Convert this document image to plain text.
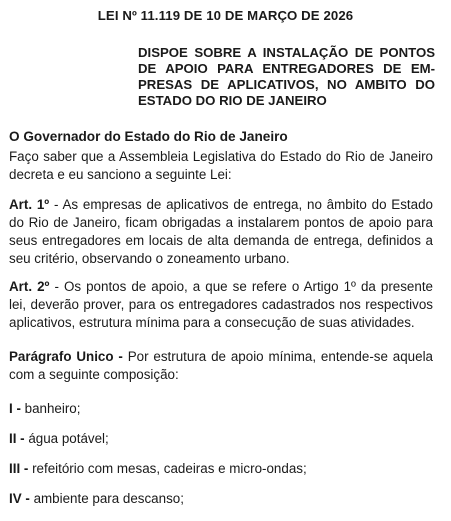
LEI Nº 11.119 DE 10 DE MARÇO DE 2026
DISPOE SOBRE A INSTALAÇÃO DE PONTOS
DE APOIO PARA ENTREGADORES DE EM-
PRESAS DE APLICATIVOS, NO AMBITO DO
ESTADO DO RIO DE JANEIRO
O Governador do Estado do Rio de Janeiro
Faço saber que a Assembleia Legislativa do Estado do Rio de Janeiro
decreta e eu sanciono a seguinte Lei:
Art. 1º - As empresas de aplicativos de entrega, no âmbito do Estado
do Rio de Janeiro, ficam obrigadas a instalarem pontos de apoio para
seus entregadores em locais de alta demanda de entrega, definidos a
seu critério, observando o zoneamento urbano.
Art. 2º - Os pontos de apoio, a que se refere o Artigo 1º da presente
lei, deverão prover, para os entregadores cadastrados nos respectivos
aplicativos, estrutura mínima para a consecução de suas atividades.
Parágrafo Unico - Por estrutura de apoio mínima, entende-se aquela
com a seguinte composição:
I - banheiro;
II - água potável;
III - refeitório com mesas, cadeiras e micro-ondas;
IV - ambiente para descanso;
